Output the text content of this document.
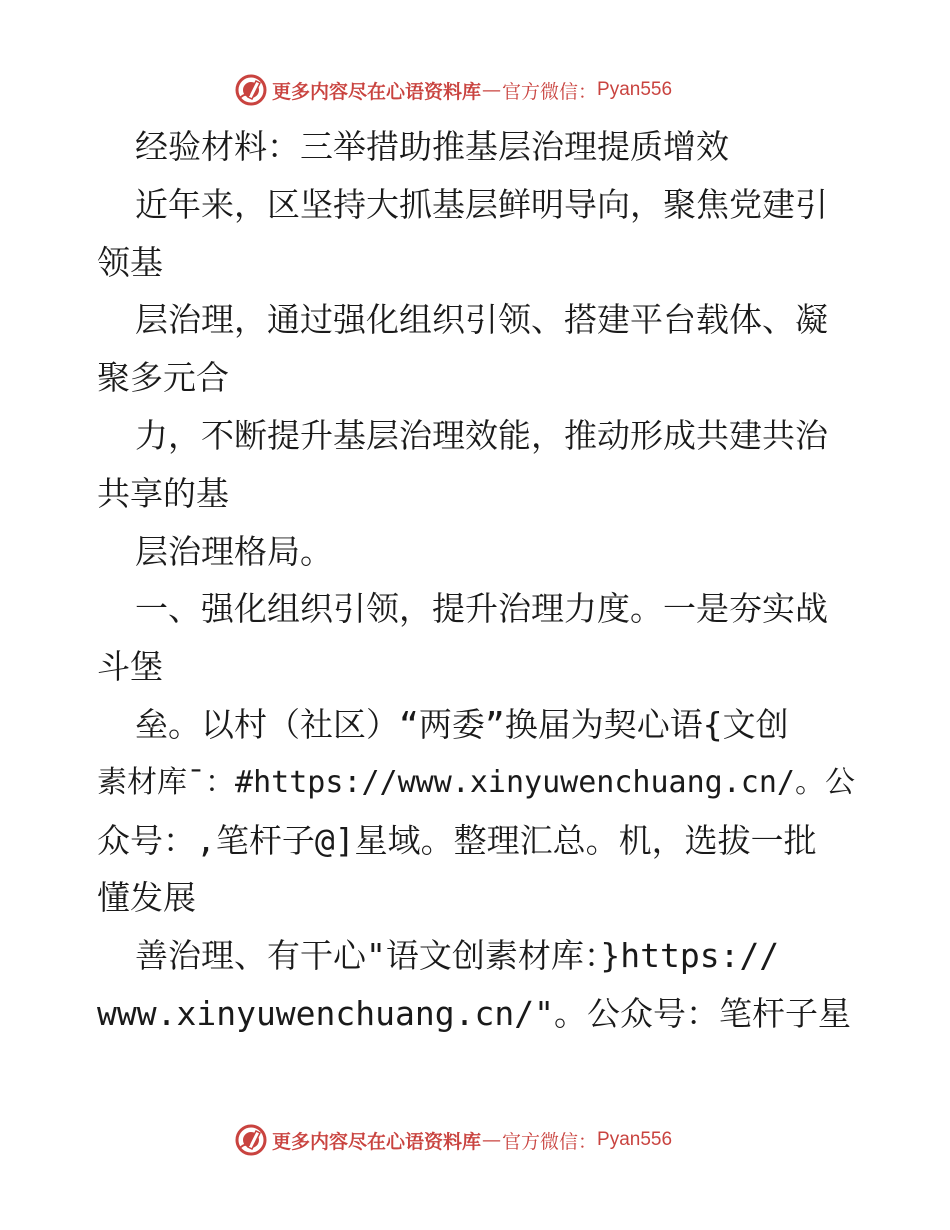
更多内容尽在心语资料库 — 官方微信： Pyan556
经验材料：三举措助推基层治理提质增效
近年来，区坚持大抓基层鲜明导向，聚焦党建引
领基
层治理，通过强化组织引领、搭建平台载体、凝
聚多元合
力，不断提升基层治理效能，推动形成共建共治
共享的基
层治理格局。
一、强化组织引领，提升治理力度。一是夯实战
斗堡
垒。以村（社区）“两委”换届为契心语{文创
素材库¯：#https://www.xinyuwenchuang.cn/。公
众号：,笔杆子@]星域。整理汇总。机，选拔一批
懂发展
善治理、有干心"语文创素材库：}https://
www.xinyuwenchuang.cn/"。公众号：笔杆子星
更多内容尽在心语资料库 — 官方微信： Pyan556
